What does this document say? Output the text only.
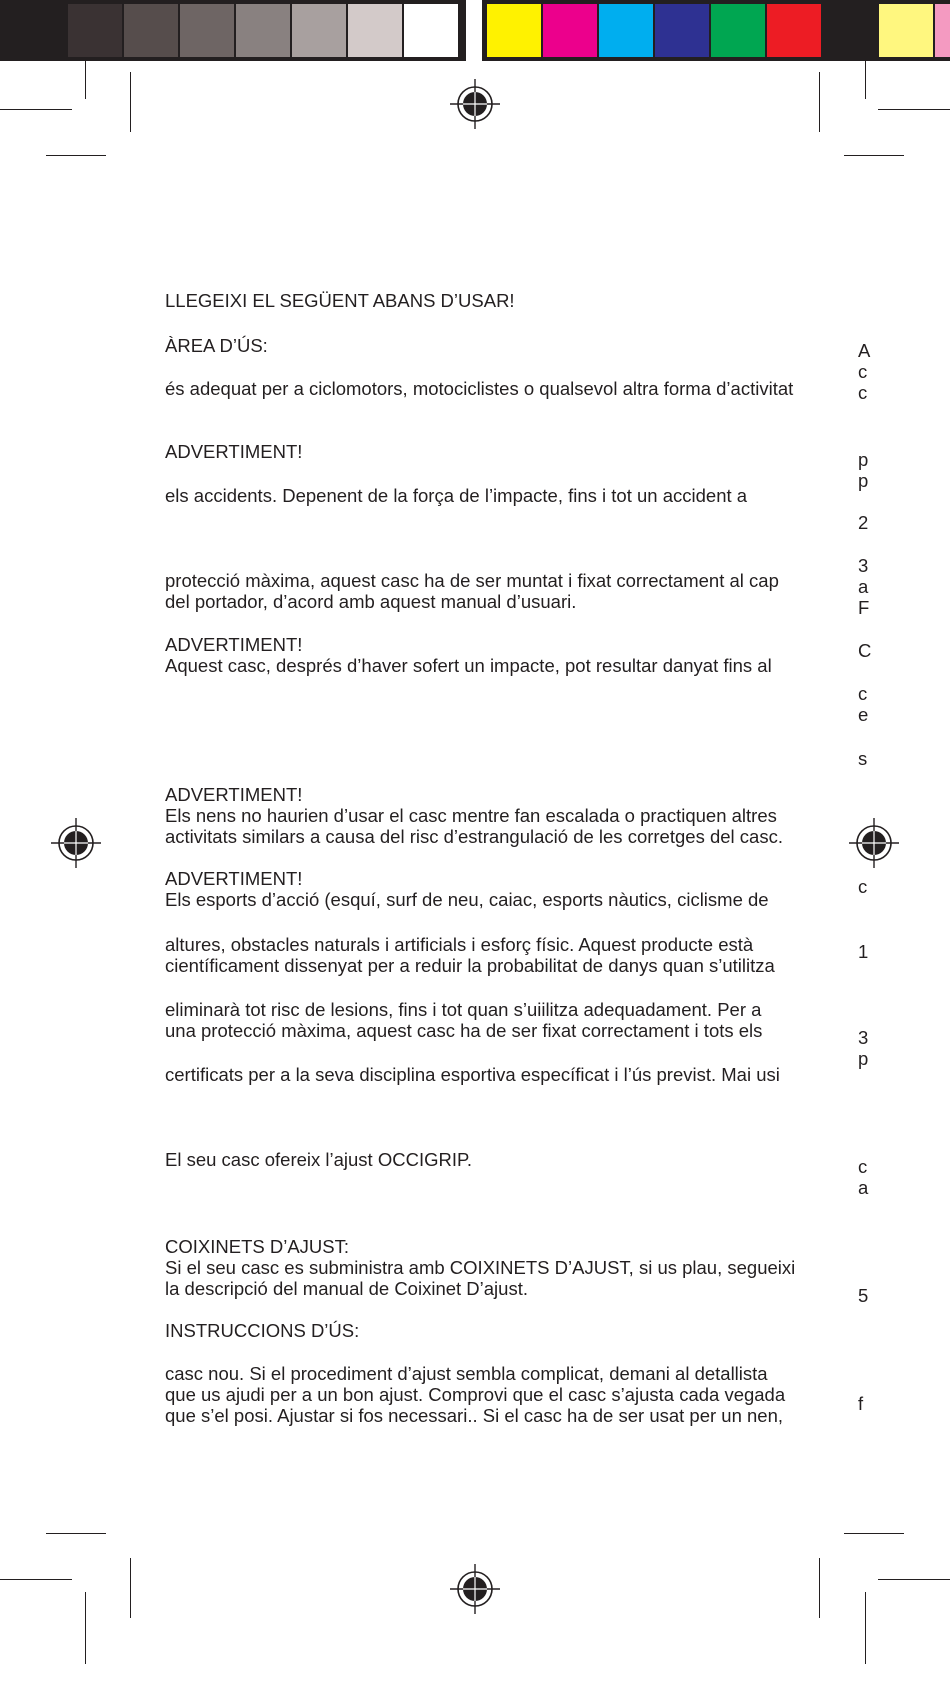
LLEGEIXI EL SEGÜENT ABANS D’USAR!
ÀREA D’ÚS:
és adequat per a ciclomotors, motociclistes o qualsevol altra forma d’activitat
ADVERTIMENT!
els accidents. Depenent de la força de l’impacte, fins i tot un accident a
protecció màxima, aquest casc ha de ser muntat i fixat correctament al cap
del portador, d’acord amb aquest manual d’usuari.
ADVERTIMENT!
Aquest casc, després d’haver sofert un impacte, pot resultar danyat fins al
ADVERTIMENT!
Els nens no haurien d’usar el casc mentre fan escalada o practiquen altres
activitats similars a causa del risc d’estrangulació de les corretges del casc.
ADVERTIMENT!
Els esports d’acció (esquí, surf de neu, caiac, esports nàutics, ciclisme de
altures, obstacles naturals i artificials i esforç físic. Aquest producte està
científicament dissenyat per a reduir la probabilitat de danys quan s’utilitza
eliminarà tot risc de lesions, fins i tot quan s’uiilitza adequadament. Per a
una protecció màxima, aquest casc ha de ser fixat correctament i tots els
certificats per a la seva disciplina esportiva especíﬁcat i l’ús previst. Mai usi
El seu casc ofereix l’ajust OCCIGRIP.
COIXINETS D’AJUST:
Si el seu casc es subministra amb COIXINETS D’AJUST, si us plau, segueixi
la descripció del manual de Coixinet D’ajust.
INSTRUCCIONS D’ÚS:
casc nou. Si el procediment d’ajust sembla complicat, demani al detallista
que us ajudi per a un bon ajust. Comprovi que el casc s’ajusta cada vegada
que s’el posi. Ajustar si fos necessari.. Si el casc ha de ser usat per un nen,
A
c
c
p
p
2
3
a
F
C
c
e
s
c
1
3
p
c
a
5
f
